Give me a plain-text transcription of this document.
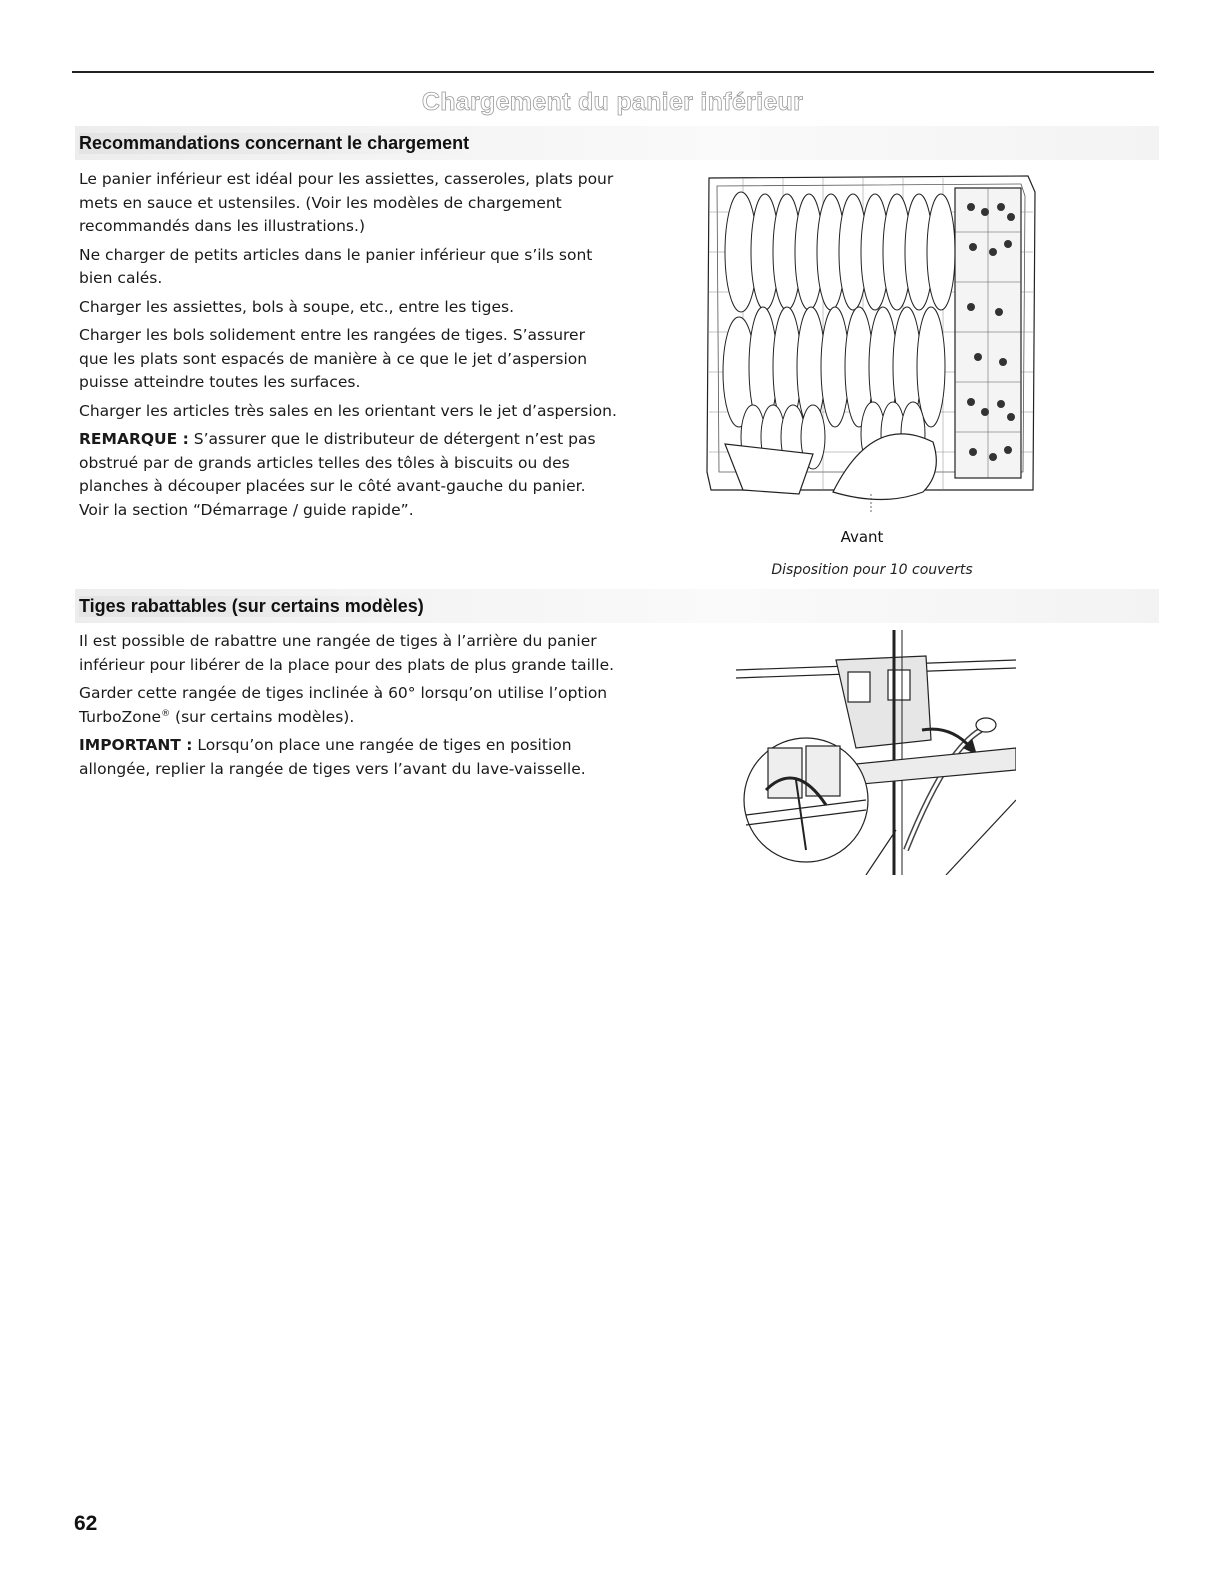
Chargement du panier inférieur
Recommandations concernant le chargement

Le panier inférieur est idéal pour les assiettes, casseroles, plats pour mets en sauce et ustensiles. (Voir les modèles de chargement recommandés dans les illustrations.)

Ne charger de petits articles dans le panier inférieur que s’ils sont bien calés.

Charger les assiettes, bols à soupe, etc., entre les tiges.

Charger les bols solidement entre les rangées de tiges. S’assurer que les plats sont espacés de manière à ce que le jet d’aspersion puisse atteindre toutes les surfaces.

Charger les articles très sales en les orientant vers le jet d’aspersion.

REMARQUE : S’assurer que le distributeur de détergent n’est pas obstrué par de grands articles telles des tôles à biscuits ou des planches à découper placées sur le côté avant-gauche du panier. Voir la section “Démarrage / guide rapide”.

Avant
Disposition pour 10 couverts
Tiges rabattables (sur certains modèles)

Il est possible de rabattre une rangée de tiges à l’arrière du panier inférieur pour libérer de la place pour des plats de plus grande taille.

Garder cette rangée de tiges inclinée à 60° lorsqu’on utilise l’option TurboZone® (sur certains modèles).

IMPORTANT : Lorsqu’on place une rangée de tiges en position allongée, replier la rangée de tiges vers l’avant du lave-vaisselle.

62
